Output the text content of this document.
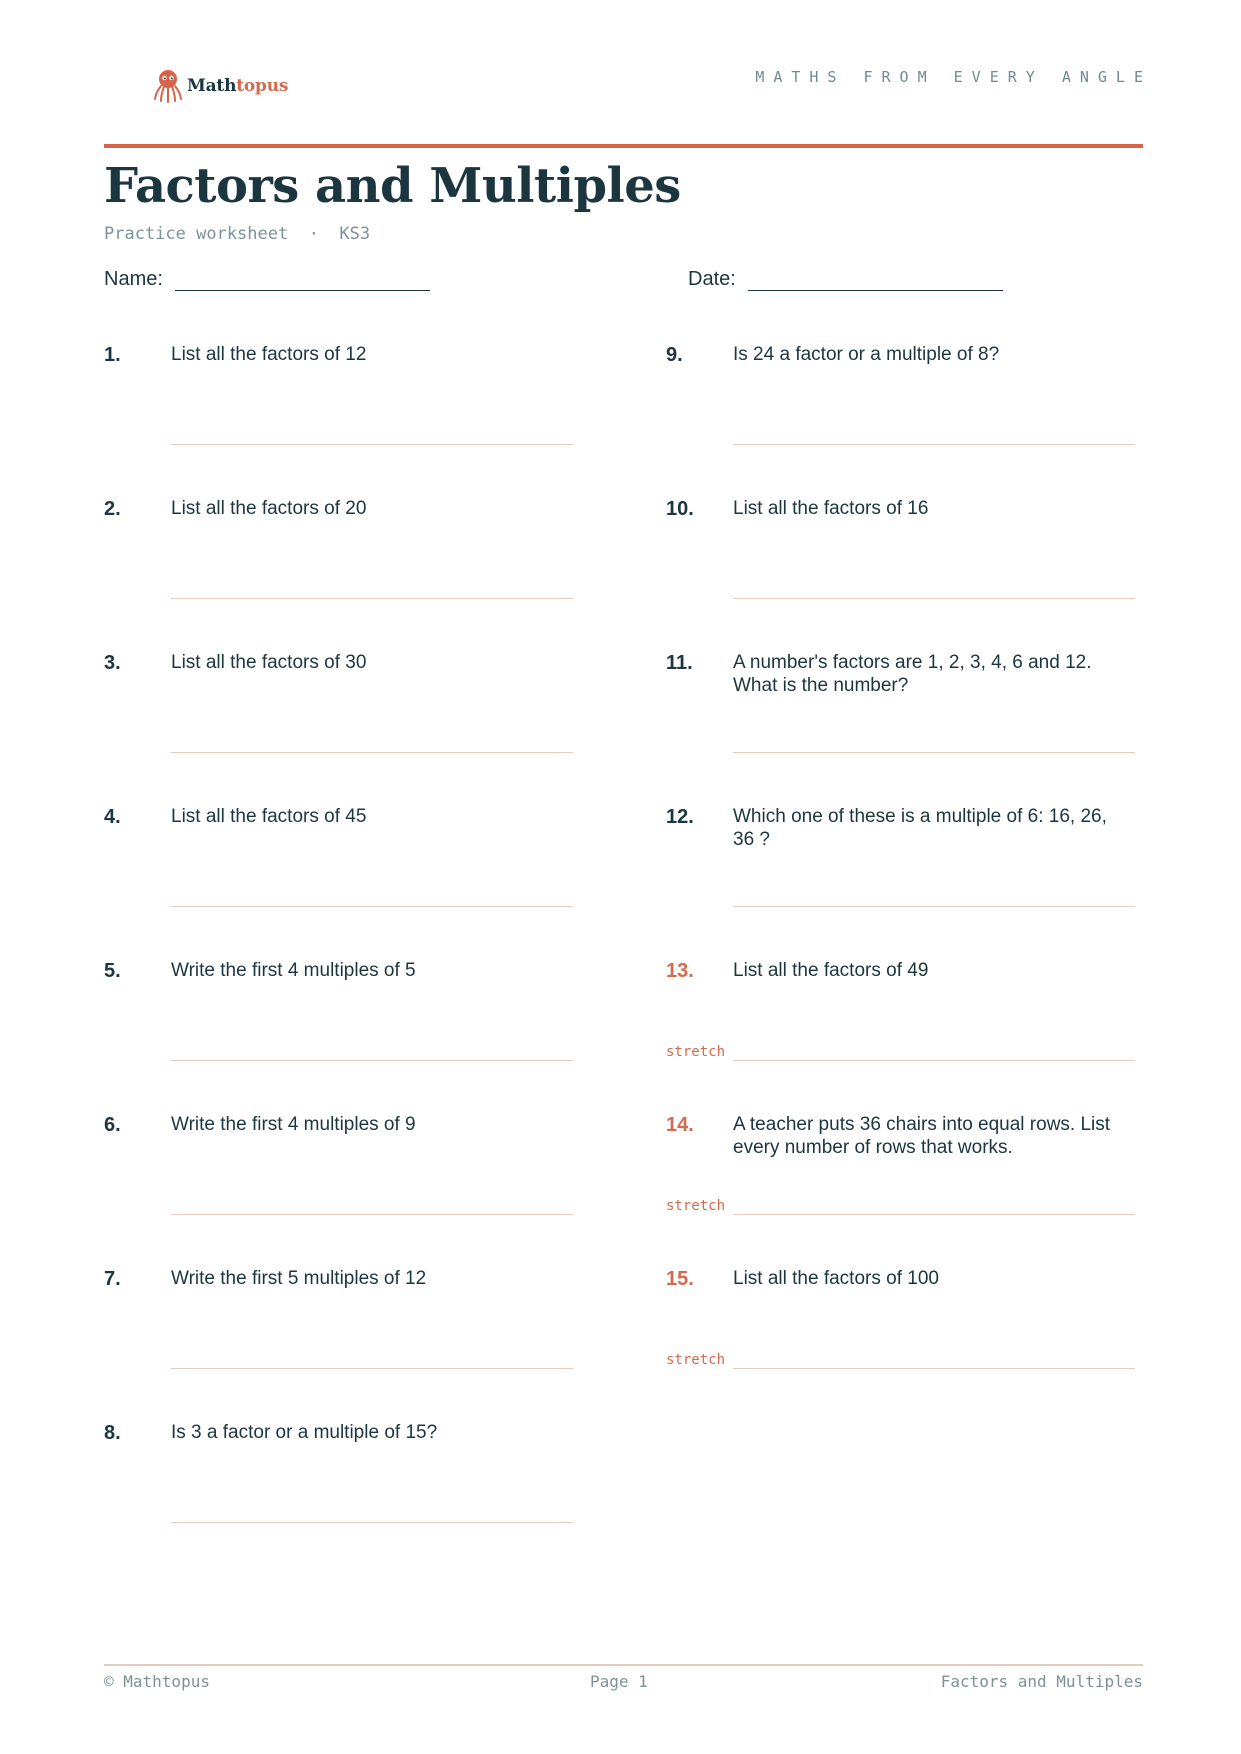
Mathtopus	MATHS FROM EVERY ANGLE
Factors and Multiples
Practice worksheet  ·  KS3
Name:	Date:
1.	List all the factors of 12
2.	List all the factors of 20
3.	List all the factors of 30
4.	List all the factors of 45
5.	Write the first 4 multiples of 5
6.	Write the first 4 multiples of 9
7.	Write the first 5 multiples of 12
8.	Is 3 a factor or a multiple of 15?
9.	Is 24 a factor or a multiple of 8?
10. List all the factors of 16
11. A number's factors are 1, 2, 3, 4, 6 and 12. What is the number?
12. Which one of these is a multiple of 6: 16, 26, 36 ?
13. List all the factors of 49
stretch
14. A teacher puts 36 chairs into equal rows. List every number of rows that works.
stretch
15. List all the factors of 100
stretch
© Mathtopus	Page 1	Factors and Multiples
